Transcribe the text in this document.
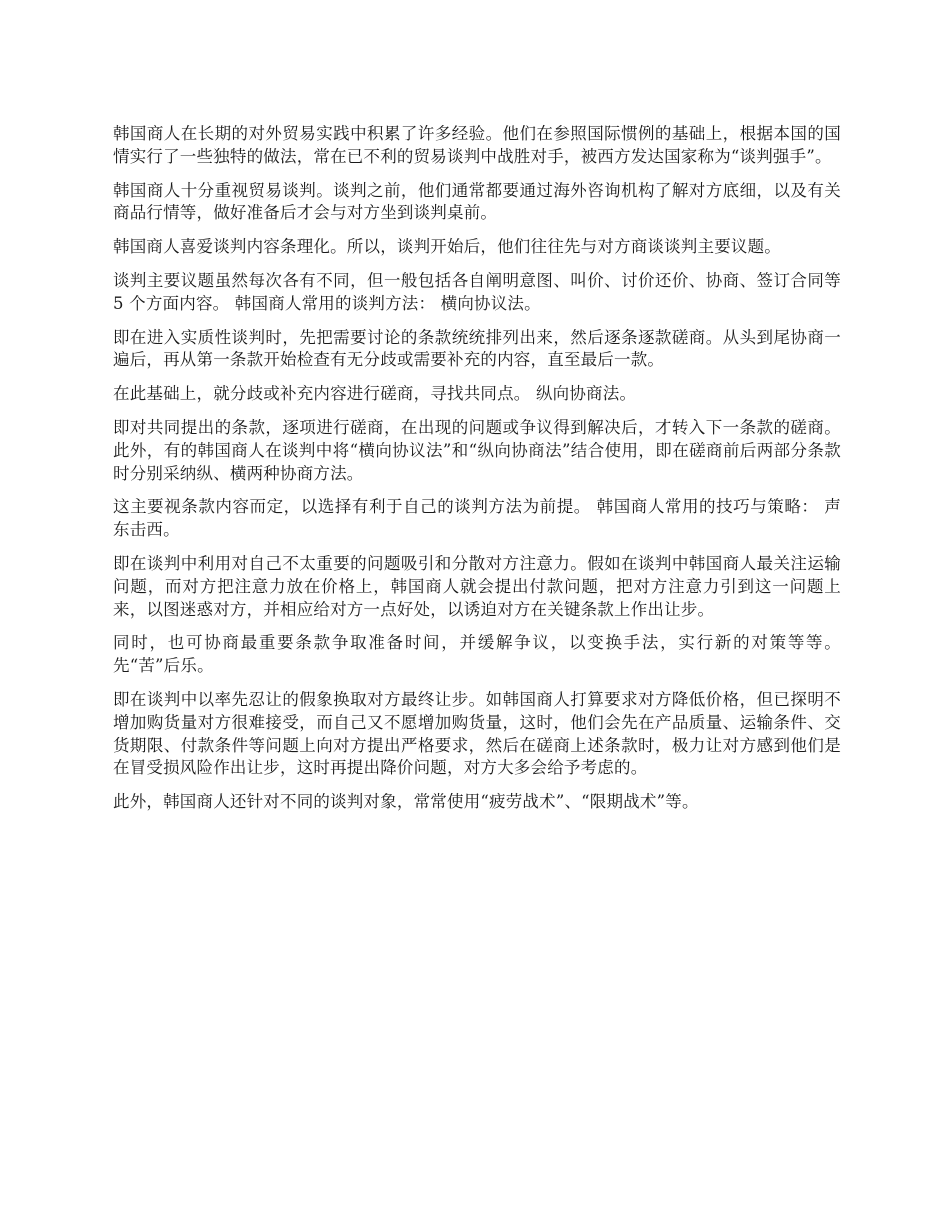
韩国商人在长期的对外贸易实践中积累了许多经验。他们在参照国际惯例的基础上，根据本国的国情实行了一些独特的做法，常在已不利的贸易谈判中战胜对手，被西方发达国家称为“谈判强手”。

韩国商人十分重视贸易谈判。谈判之前，他们通常都要通过海外咨询机构了解对方底细，以及有关商品行情等，做好准备后才会与对方坐到谈判桌前。

韩国商人喜爱谈判内容条理化。所以，谈判开始后，他们往往先与对方商谈谈判主要议题。

谈判主要议题虽然每次各有不同，但一般包括各自阐明意图、叫价、讨价还价、协商、签订合同等 5 个方面内容。 韩国商人常用的谈判方法： 横向协议法。

即在进入实质性谈判时，先把需要讨论的条款统统排列出来，然后逐条逐款磋商。从头到尾协商一遍后，再从第一条款开始检查有无分歧或需要补充的内容，直至最后一款。

在此基础上，就分歧或补充内容进行磋商，寻找共同点。 纵向协商法。

即对共同提出的条款，逐项进行磋商，在出现的问题或争议得到解决后，才转入下一条款的磋商。此外，有的韩国商人在谈判中将“横向协议法”和“纵向协商法”结合使用，即在磋商前后两部分条款时分别采纳纵、横两种协商方法。

这主要视条款内容而定，以选择有利于自己的谈判方法为前提。 韩国商人常用的技巧与策略： 声东击西。

即在谈判中利用对自己不太重要的问题吸引和分散对方注意力。假如在谈判中韩国商人最关注运输问题，而对方把注意力放在价格上，韩国商人就会提出付款问题，把对方注意力引到这一问题上来，以图迷惑对方，并相应给对方一点好处，以诱迫对方在关键条款上作出让步。

同时，也可协商最重要条款争取准备时间，并缓解争议，以变换手法，实行新的对策等等。 先“苦”后乐。

即在谈判中以率先忍让的假象换取对方最终让步。如韩国商人打算要求对方降低价格，但已探明不增加购货量对方很难接受，而自己又不愿增加购货量，这时，他们会先在产品质量、运输条件、交货期限、付款条件等问题上向对方提出严格要求，然后在磋商上述条款时，极力让对方感到他们是在冒受损风险作出让步，这时再提出降价问题，对方大多会给予考虑的。

此外，韩国商人还针对不同的谈判对象，常常使用“疲劳战术”、“限期战术”等。
